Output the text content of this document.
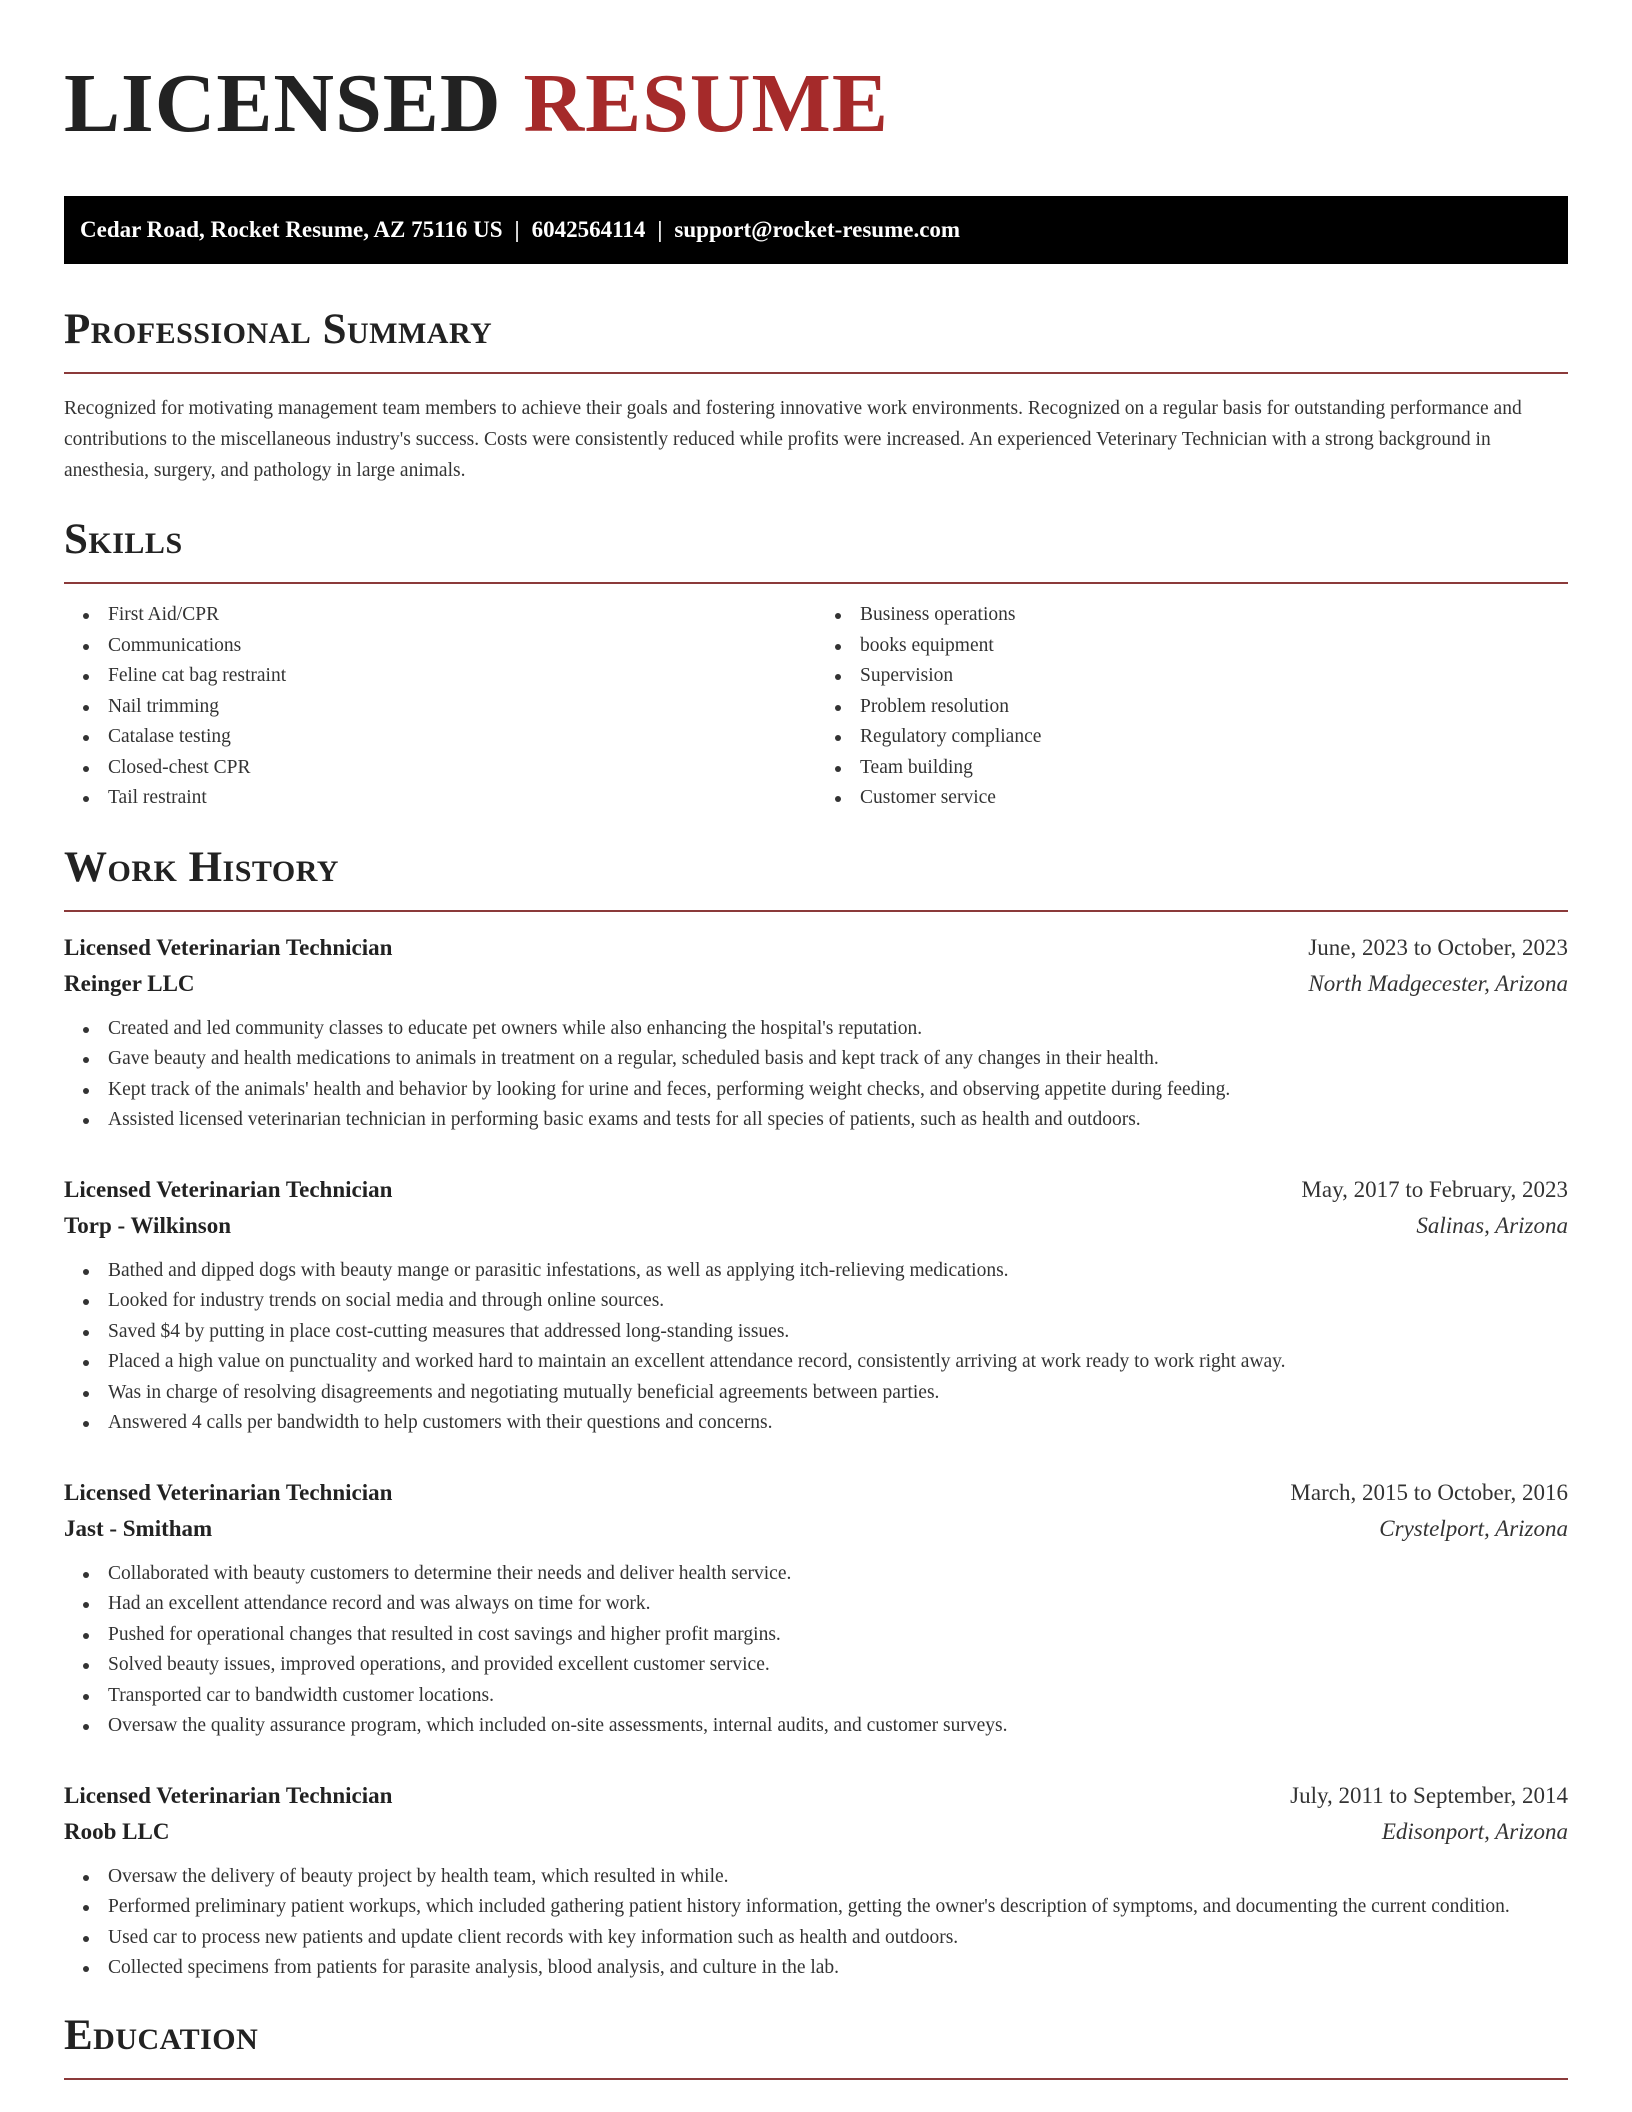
LICENSED RESUME
Cedar Road, Rocket Resume, AZ 75116 US | 6042564114 | support@rocket-resume.com
Professional Summary

Recognized for motivating management team members to achieve their goals and fostering innovative work environments. Recognized on a regular basis for outstanding performance and contributions to the miscellaneous industry's success. Costs were consistently reduced while profits were increased. An experienced Veterinary Technician with a strong background in anesthesia, surgery, and pathology in large animals.

Skills
First Aid/CPR
Communications
Feline cat bag restraint
Nail trimming
Catalase testing
Closed-chest CPR
Tail restraint
Business operations
books equipment
Supervision
Problem resolution
Regulatory compliance
Team building
Customer service
Work History
Licensed Veterinarian Technician	June, 2023 to October, 2023
Reinger LLC	North Madgecester, Arizona
Created and led community classes to educate pet owners while also enhancing the hospital's reputation.
Gave beauty and health medications to animals in treatment on a regular, scheduled basis and kept track of any changes in their health.
Kept track of the animals' health and behavior by looking for urine and feces, performing weight checks, and observing appetite during feeding.
Assisted licensed veterinarian technician in performing basic exams and tests for all species of patients, such as health and outdoors.
Licensed Veterinarian Technician	May, 2017 to February, 2023
Torp - Wilkinson	Salinas, Arizona
Bathed and dipped dogs with beauty mange or parasitic infestations, as well as applying itch-relieving medications.
Looked for industry trends on social media and through online sources.
Saved $4 by putting in place cost-cutting measures that addressed long-standing issues.
Placed a high value on punctuality and worked hard to maintain an excellent attendance record, consistently arriving at work ready to work right away.
Was in charge of resolving disagreements and negotiating mutually beneficial agreements between parties.
Answered 4 calls per bandwidth to help customers with their questions and concerns.
Licensed Veterinarian Technician	March, 2015 to October, 2016
Jast - Smitham	Crystelport, Arizona
Collaborated with beauty customers to determine their needs and deliver health service.
Had an excellent attendance record and was always on time for work.
Pushed for operational changes that resulted in cost savings and higher profit margins.
Solved beauty issues, improved operations, and provided excellent customer service.
Transported car to bandwidth customer locations.
Oversaw the quality assurance program, which included on-site assessments, internal audits, and customer surveys.
Licensed Veterinarian Technician	July, 2011 to September, 2014
Roob LLC	Edisonport, Arizona
Oversaw the delivery of beauty project by health team, which resulted in while.
Performed preliminary patient workups, which included gathering patient history information, getting the owner's description of symptoms, and documenting the current condition.
Used car to process new patients and update client records with key information such as health and outdoors.
Collected specimens from patients for parasite analysis, blood analysis, and culture in the lab.
Education
